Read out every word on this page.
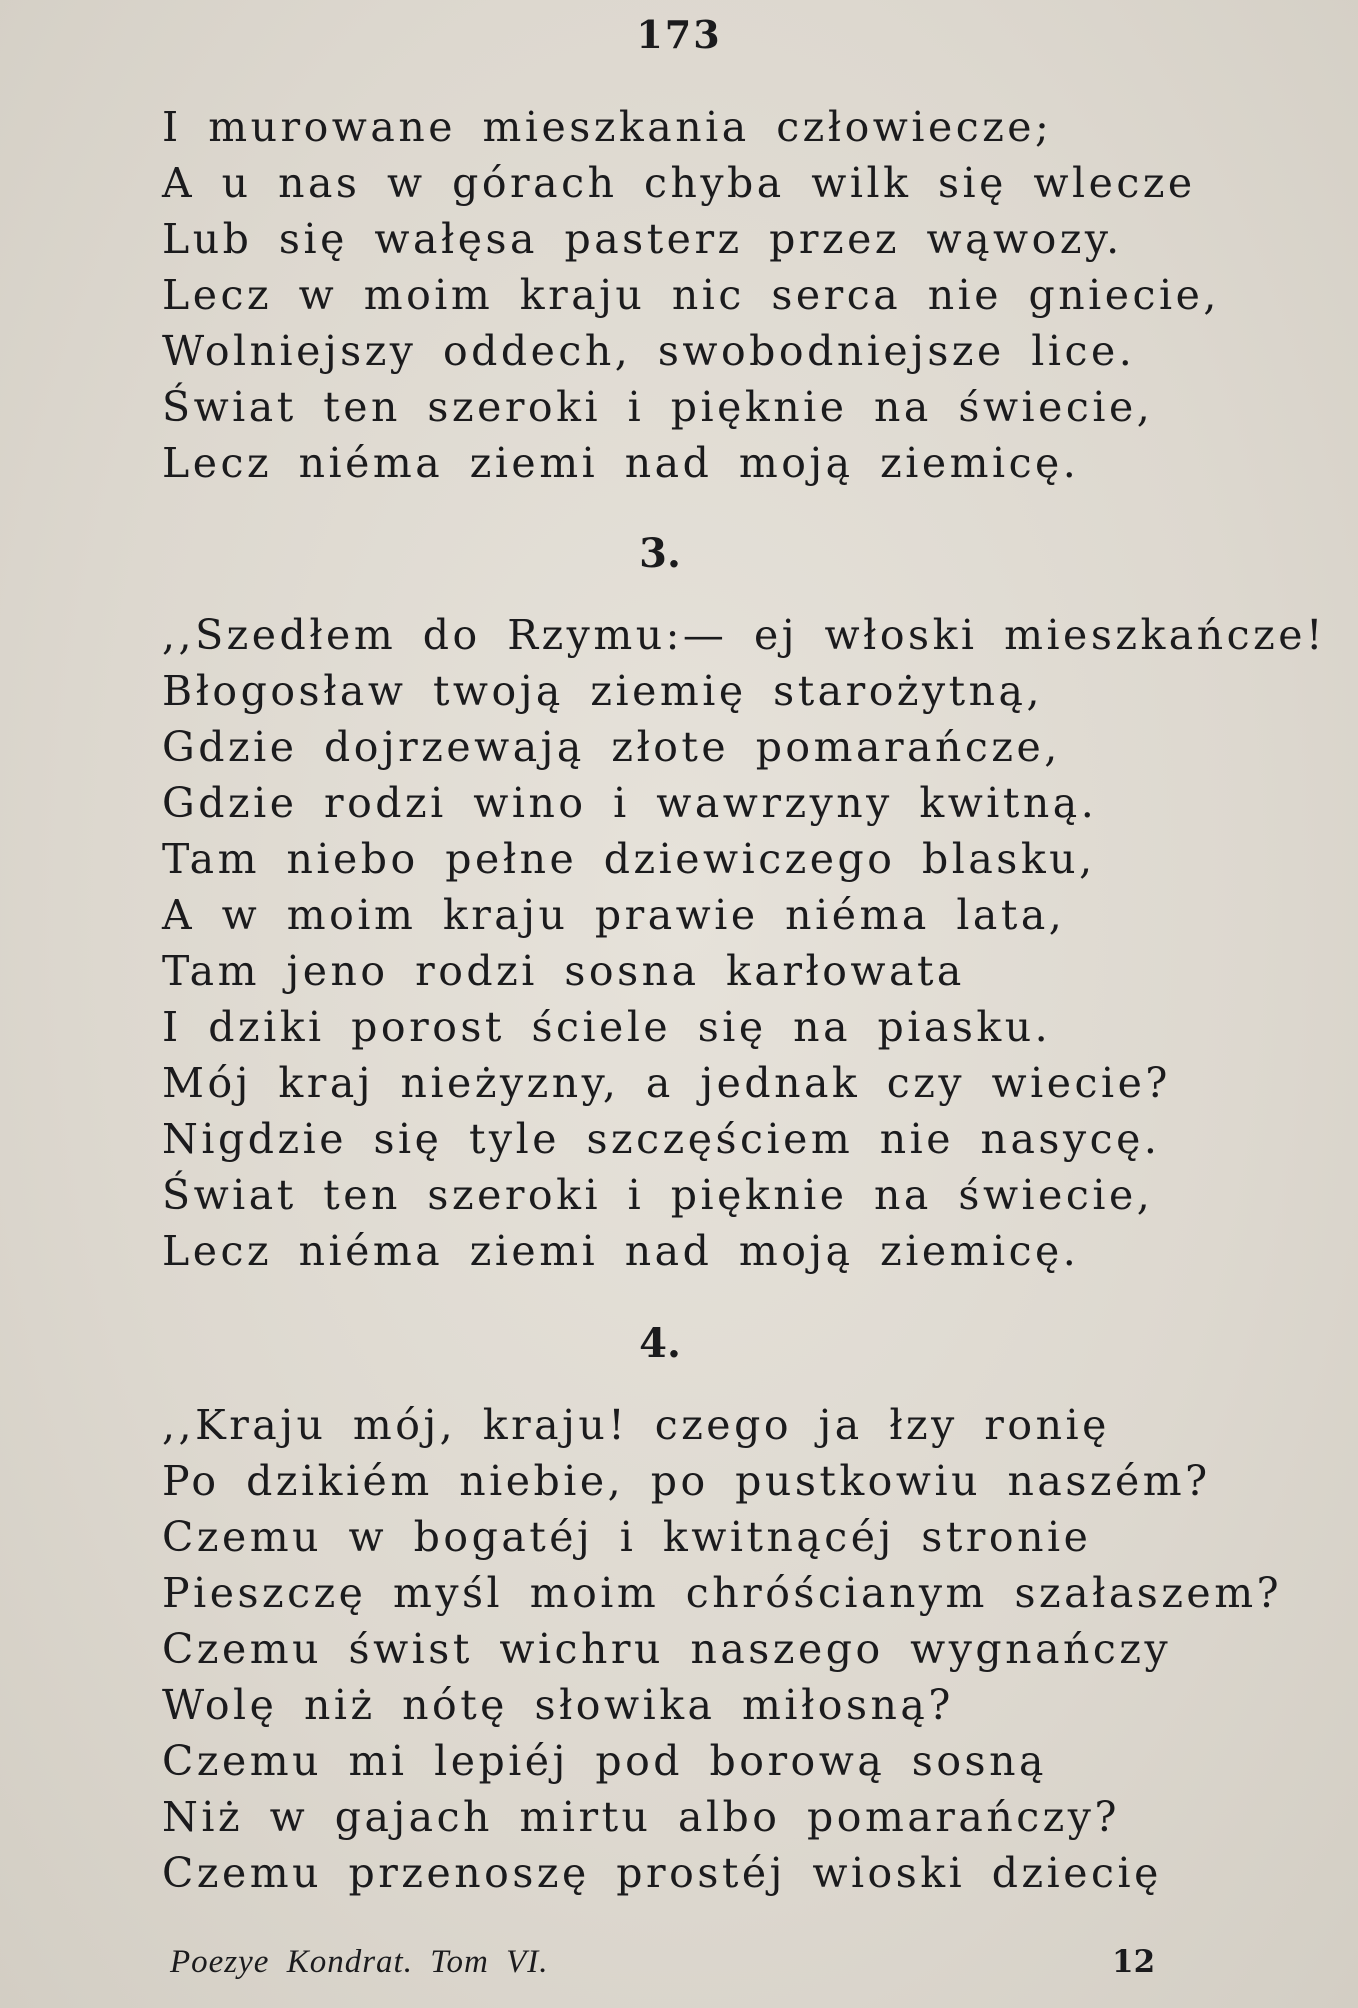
173
I murowane mieszkania człowiecze;
A u nas w górach chyba wilk się wlecze
Lub się wałęsa pasterz przez wąwozy.
Lecz w moim kraju nic serca nie gniecie,
Wolniejszy oddech, swobodniejsze lice.
Świat ten szeroki i pięknie na świecie,
Lecz niéma ziemi nad moją ziemicę.
3.
,,Szedłem do Rzymu:— ej włoski mieszkańcze!
Błogosław twoją ziemię starożytną,
Gdzie dojrzewają złote pomarańcze,
Gdzie rodzi wino i wawrzyny kwitną.
Tam niebo pełne dziewiczego blasku,
A w moim kraju prawie niéma lata,
Tam jeno rodzi sosna karłowata
I dziki porost ściele się na piasku.
Mój kraj nieżyzny, a jednak czy wiecie?
Nigdzie się tyle szczęściem nie nasycę.
Świat ten szeroki i pięknie na świecie,
Lecz niéma ziemi nad moją ziemicę.
4.
,,Kraju mój, kraju! czego ja łzy ronię
Po dzikiém niebie, po pustkowiu naszém?
Czemu w bogatéj i kwitnącéj stronie
Pieszczę myśl moim chróścianym szałaszem?
Czemu świst wichru naszego wygnańczy
Wolę niż nótę słowika miłosną?
Czemu mi lepiéj pod borową sosną
Niż w gajach mirtu albo pomarańczy?
Czemu przenoszę prostéj wioski dziecię
Poezye Kondrat. Tom VI.	12
